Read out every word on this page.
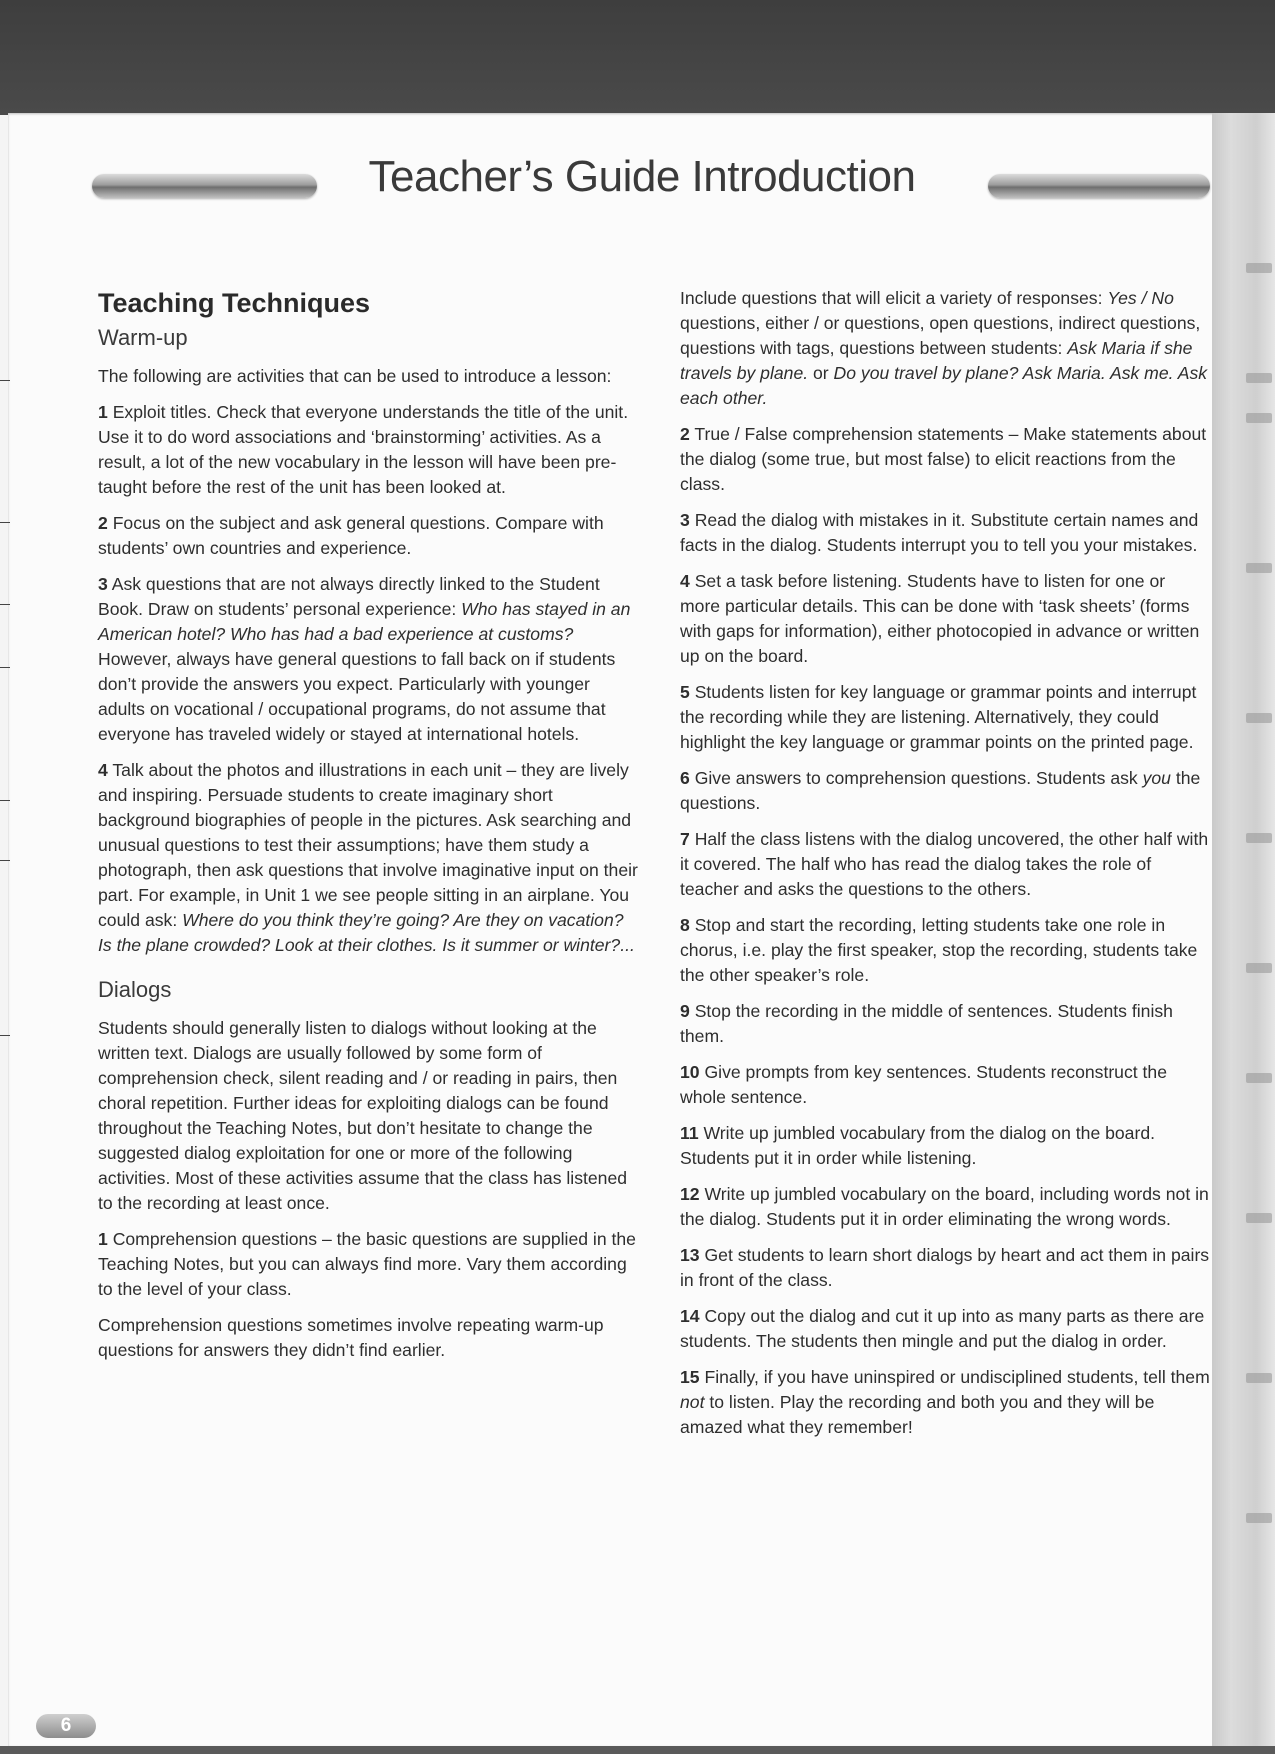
Teacher’s Guide Introduction
Teaching Techniques
Warm-up

The following are activities that can be used to introduce a lesson:

1 Exploit titles. Check that everyone understands the title of the unit. Use it to do word associations and ‘brainstorming’ activities. As a result, a lot of the new vocabulary in the lesson will have been pre-taught before the rest of the unit has been looked at.

2 Focus on the subject and ask general questions. Compare with students’ own countries and experience.

3 Ask questions that are not always directly linked to the Student Book. Draw on students’ personal experience: Who has stayed in an American hotel? Who has had a bad experience at customs? However, always have general questions to fall back on if students don’t provide the answers you expect. Particularly with younger adults on vocational / occupational programs, do not assume that everyone has traveled widely or stayed at international hotels.

4 Talk about the photos and illustrations in each unit – they are lively and inspiring. Persuade students to create imaginary short background biographies of people in the pictures. Ask searching and unusual questions to test their assumptions; have them study a photograph, then ask questions that involve imaginative input on their part. For example, in Unit 1 we see people sitting in an airplane. You could ask: Where do you think they’re going? Are they on vacation? Is the plane crowded? Look at their clothes. Is it summer or winter?...

Dialogs

Students should generally listen to dialogs without looking at the written text. Dialogs are usually followed by some form of comprehension check, silent reading and / or reading in pairs, then choral repetition. Further ideas for exploiting dialogs can be found throughout the Teaching Notes, but don’t hesitate to change the suggested dialog exploitation for one or more of the following activities. Most of these activities assume that the class has listened to the recording at least once.

1 Comprehension questions – the basic questions are supplied in the Teaching Notes, but you can always find more. Vary them according to the level of your class.

Comprehension questions sometimes involve repeating warm-up questions for answers they didn’t find earlier.

Include questions that will elicit a variety of responses: Yes / No questions, either / or questions, open questions, indirect questions, questions with tags, questions between students: Ask Maria if she travels by plane. or Do you travel by plane? Ask Maria. Ask me. Ask each other.

2 True / False comprehension statements – Make statements about the dialog (some true, but most false) to elicit reactions from the class.

3 Read the dialog with mistakes in it. Substitute certain names and facts in the dialog. Students interrupt you to tell you your mistakes.

4 Set a task before listening. Students have to listen for one or more particular details. This can be done with ‘task sheets’ (forms with gaps for information), either photocopied in advance or written up on the board.

5 Students listen for key language or grammar points and interrupt the recording while they are listening. Alternatively, they could highlight the key language or grammar points on the printed page.

6 Give answers to comprehension questions. Students ask you the questions.

7 Half the class listens with the dialog uncovered, the other half with it covered. The half who has read the dialog takes the role of teacher and asks the questions to the others.

8 Stop and start the recording, letting students take one role in chorus, i.e. play the first speaker, stop the recording, students take the other speaker’s role.

9 Stop the recording in the middle of sentences. Students finish them.

10 Give prompts from key sentences. Students reconstruct the whole sentence.

11 Write up jumbled vocabulary from the dialog on the board. Students put it in order while listening.

12 Write up jumbled vocabulary on the board, including words not in the dialog. Students put it in order eliminating the wrong words.

13 Get students to learn short dialogs by heart and act them in pairs in front of the class.

14 Copy out the dialog and cut it up into as many parts as there are students. The students then mingle and put the dialog in order.

15 Finally, if you have uninspired or undisciplined students, tell them not to listen. Play the recording and both you and they will be amazed what they remember!

6
